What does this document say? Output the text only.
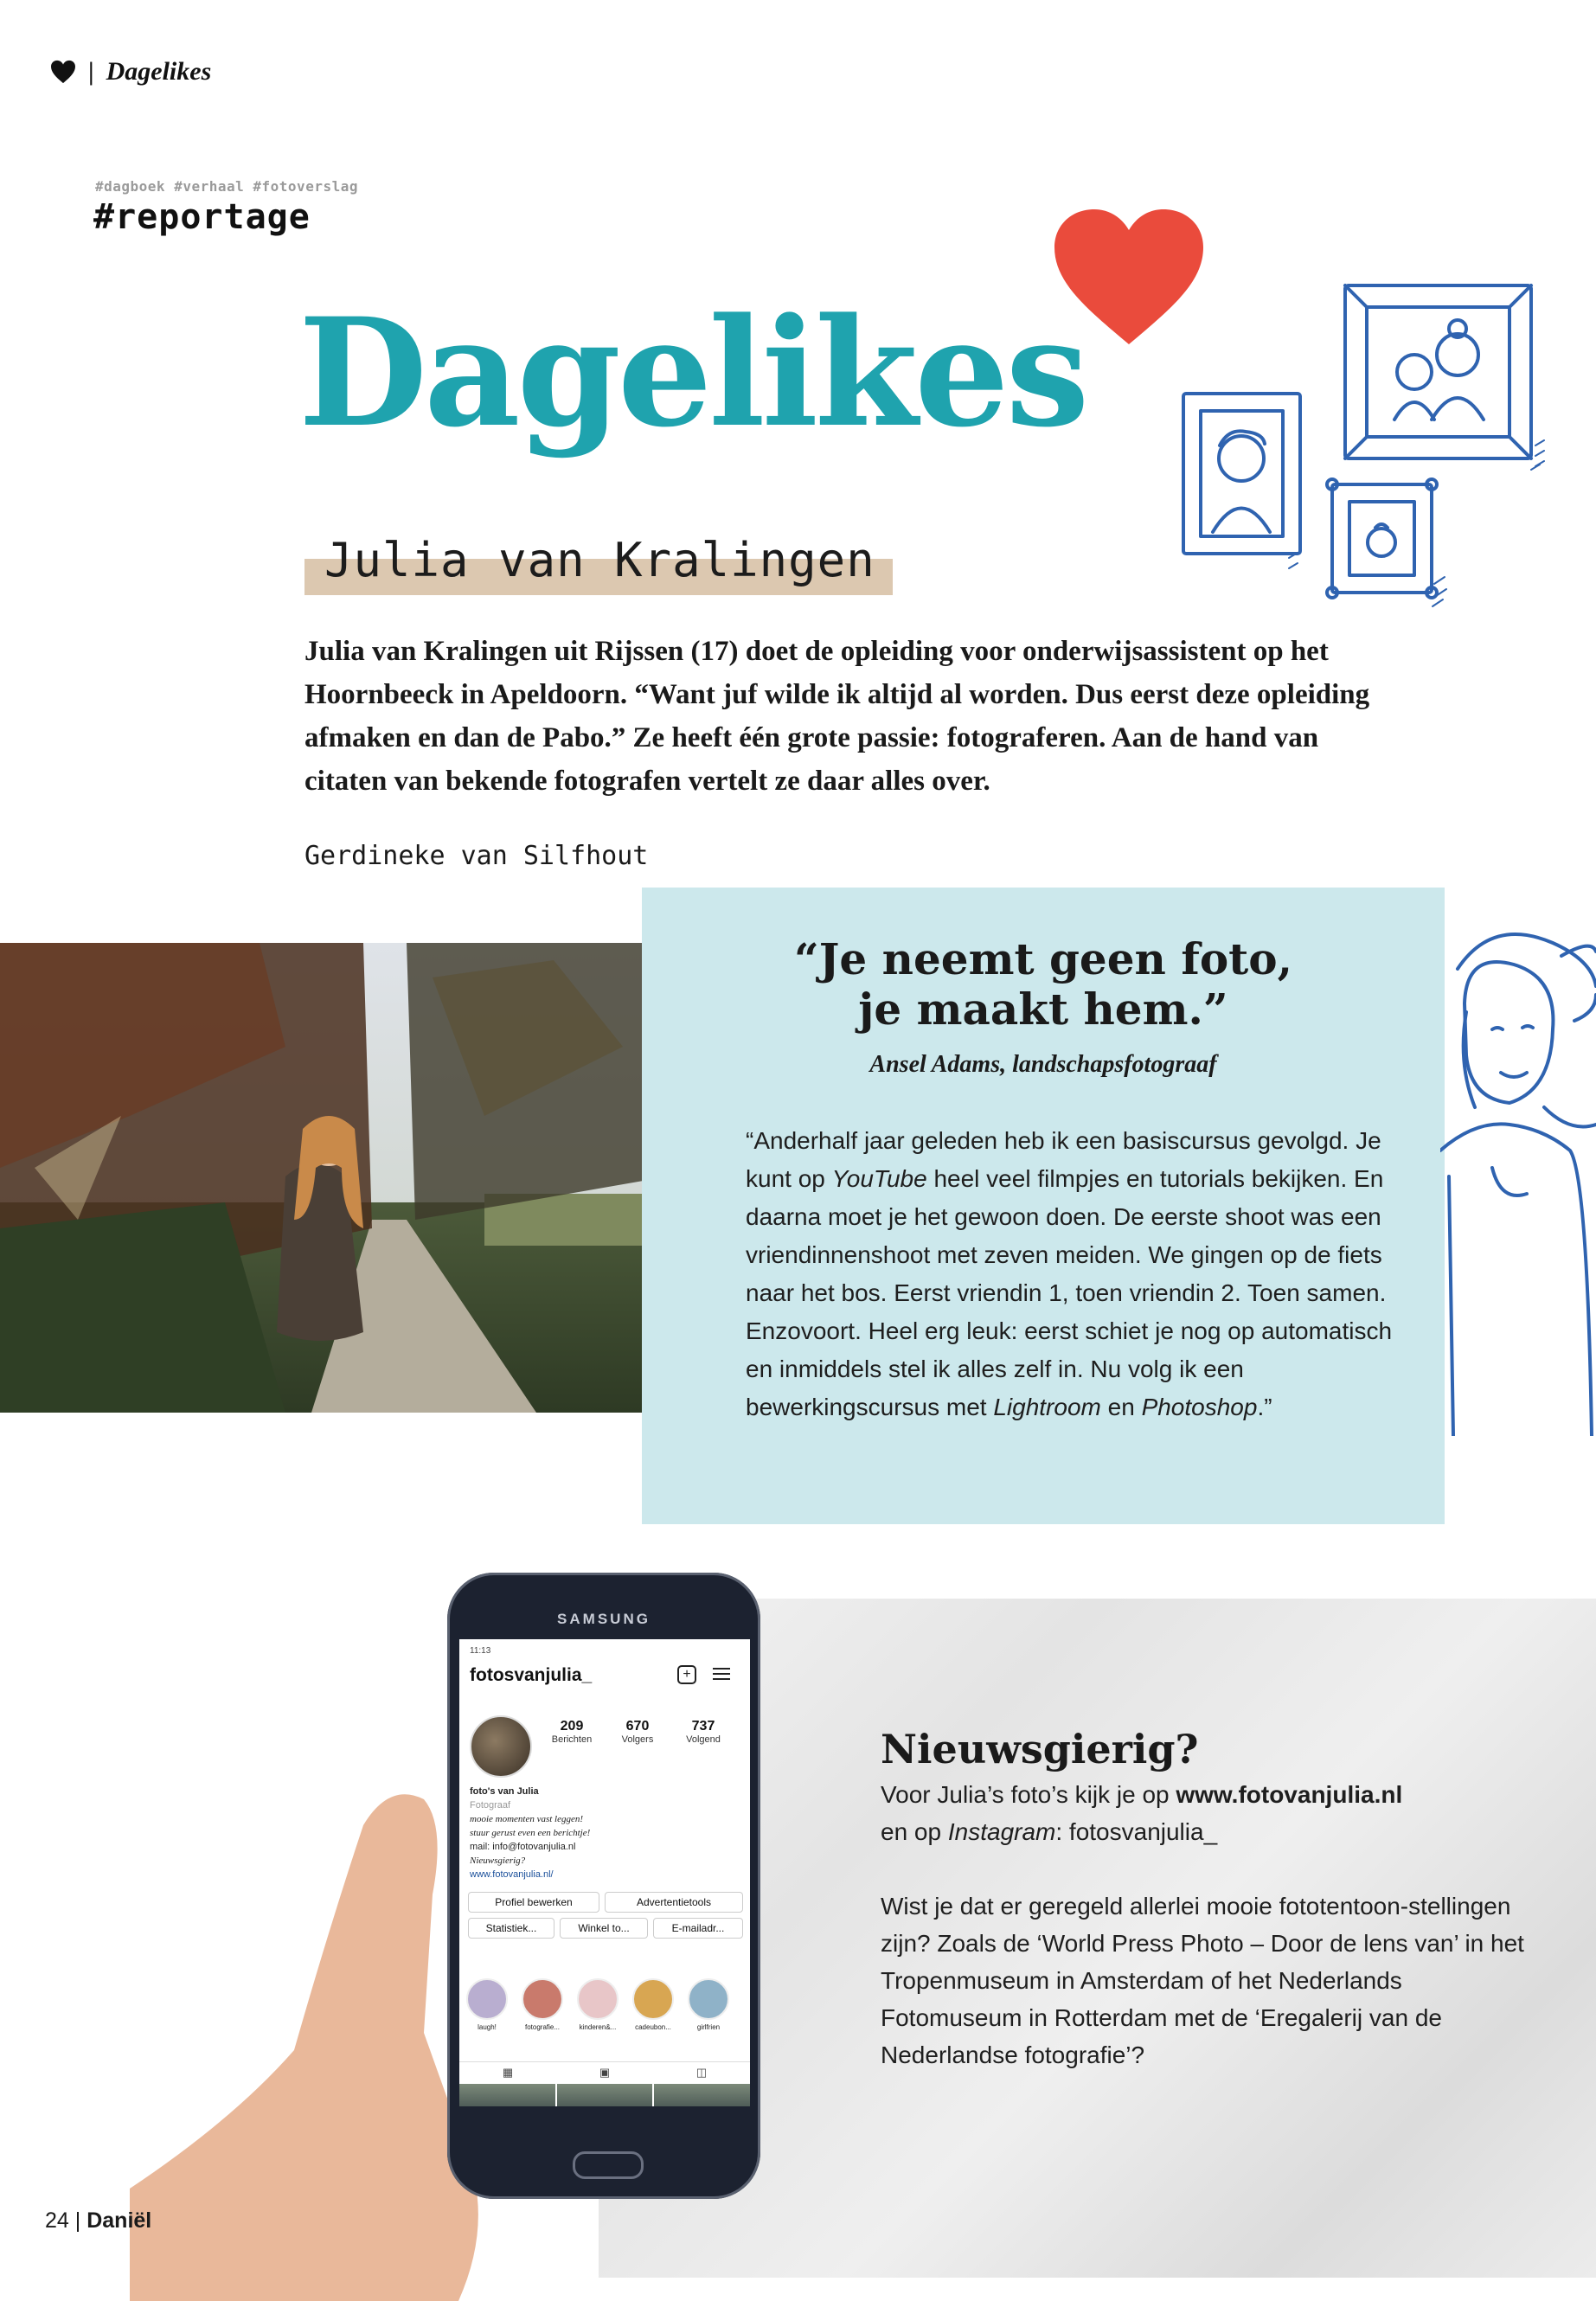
| Dagelikes
#dagboek #verhaal #fotoverslag
#reportage
Dagelikes
Julia van Kralingen
Julia van Kralingen uit Rijssen (17) doet de opleiding voor onderwijsassistent op het Hoornbeeck in Apeldoorn. “Want juf wilde ik altijd al worden. Dus eerst deze opleiding afmaken en dan de Pabo.” Ze heeft één grote passie: fotograferen. Aan de hand van citaten van bekende fotografen vertelt ze daar alles over.
Gerdineke van Silfhout
“Je neemt geen foto,
je maakt hem.”
Ansel Adams, landschapsfotograaf

“Anderhalf jaar geleden heb ik een basiscursus gevolgd. Je kunt op YouTube heel veel filmpjes en tutorials bekijken. En daarna moet je het gewoon doen. De eerste shoot was een vriendinnenshoot met zeven meiden. We gingen op de fiets naar het bos. Eerst vriendin 1, toen vriendin 2. Toen samen. Enzovoort. Heel erg leuk: eerst schiet je nog op automatisch en inmiddels stel ik alles zelf in. Nu volg ik een bewerkingscursus met Lightroom en Photoshop.”

Nieuwsgierig?

Voor Julia’s foto’s kijk je op www.fotovanjulia.nl
en op Instagram: fotosvanjulia_

Wist je dat er geregeld allerlei mooie fototentoon-stellingen zijn? Zoals de ‘World Press Photo – Door de lens van’ in het Tropenmuseum in Amsterdam of het Nederlands Fotomuseum in Rotterdam met de ‘Eregalerij van de Nederlandse fotografie’?

SAMSUNG
11:13
fotosvanjulia_	+
209
Berichten
670
Volgers
737
Volgend
foto's van Julia
Fotograaf
mooie momenten vast leggen!
stuur gerust even een berichtje!
mail: info@fotovanjulia.nl
Nieuwsgierig?
www.fotovanjulia.nl/
Profiel bewerken	Advertentietools
Statistiek...	Winkel to...	E-mailadr...
laugh!	fotografie...	kinderen&...	cadeubon...	girlfrien
▦	▣	◫
24 | Daniël
